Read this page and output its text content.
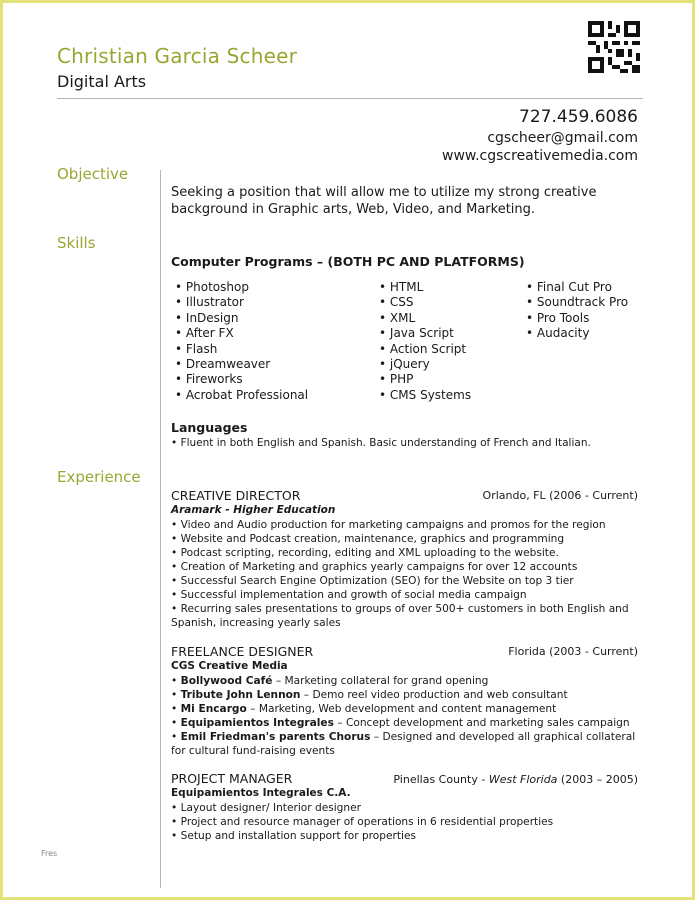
Christian Garcia Scheer
Digital Arts
727.459.6086
cgscheer@gmail.com
www.cgscreativemedia.com
Objective
Seeking a position that will allow me to utilize my strong creative background in Graphic arts, Web, Video, and Marketing.
Skills
Computer Programs – (BOTH PC AND PLATFORMS)
• Photoshop
• Illustrator
• InDesign
• After FX
• Flash
• Dreamweaver
• Fireworks
• Acrobat Professional
• HTML
• CSS
• XML
• Java Script
• Action Script
• jQuery
• PHP
• CMS Systems
• Final Cut Pro
• Soundtrack Pro
• Pro Tools
• Audacity
Languages
• Fluent in both English and Spanish. Basic understanding of French and Italian.
Experience
CREATIVE DIRECTOR	Orlando, FL (2006 - Current)
Aramark - Higher Education
• Video and Audio production for marketing campaigns and promos for the region
• Website and Podcast creation, maintenance, graphics and programming
• Podcast scripting, recording, editing and XML uploading to the website.
• Creation of Marketing and graphics yearly campaigns for over 12 accounts
• Successful Search Engine Optimization (SEO) for the Website on top 3 tier
• Successful implementation and growth of social media campaign
• Recurring sales presentations to groups of over 500+ customers in both English and Spanish, increasing yearly sales
FREELANCE DESIGNER	Florida (2003 - Current)
CGS Creative Media
• Bollywood Café – Marketing collateral for grand opening
• Tribute John Lennon – Demo reel video production and web consultant
• Mi Encargo – Marketing, Web development and content management
• Equipamientos Integrales – Concept development and marketing sales campaign
• Emil Friedman's parents Chorus – Designed and developed all graphical collateral for cultural fund-raising events
PROJECT MANAGER	Pinellas County - West Florida (2003 – 2005)
Equipamientos Integrales C.A.
• Layout designer/ Interior designer
• Project and resource manager of operations in 6 residential properties
• Setup and installation support for properties
Fres
